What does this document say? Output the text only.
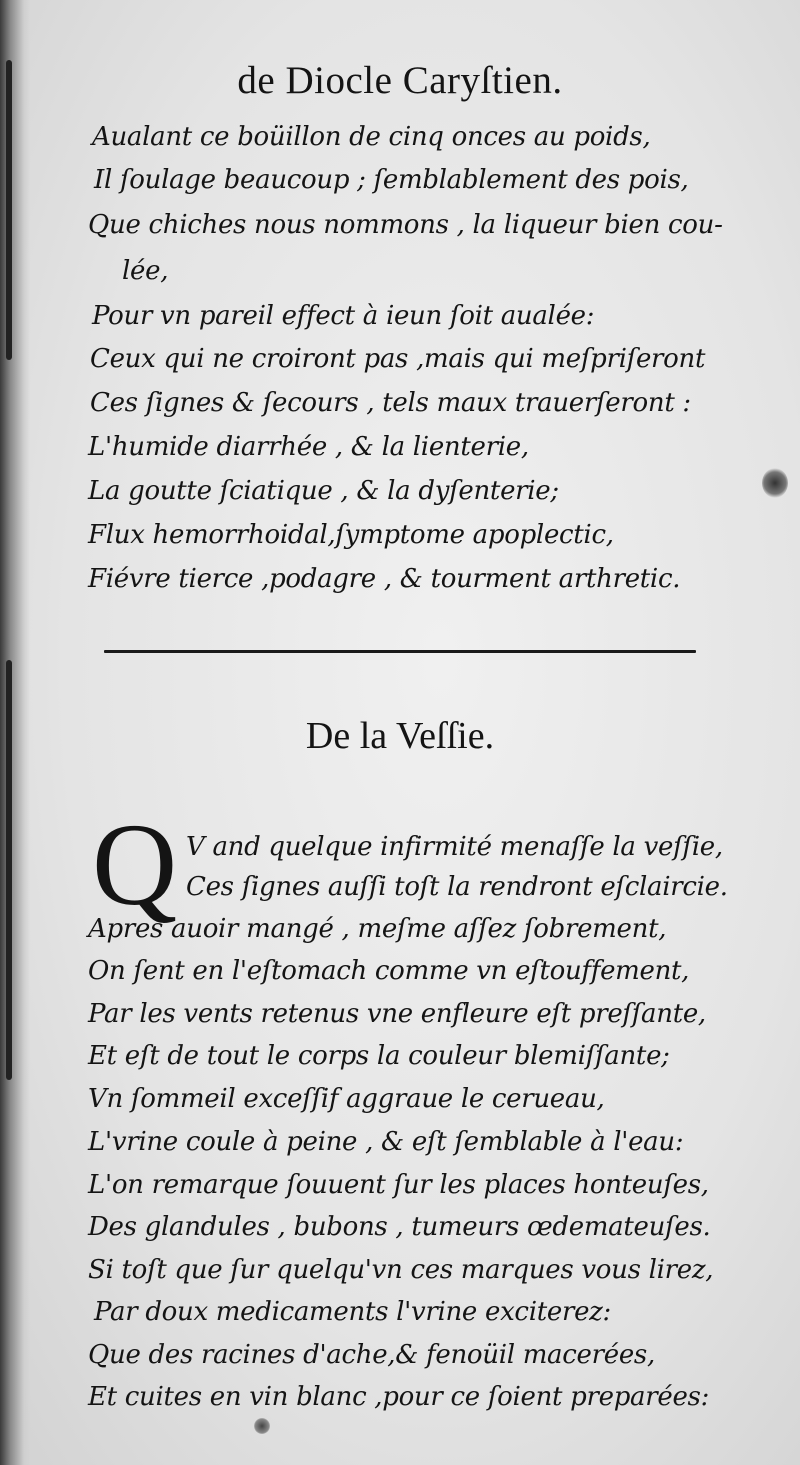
de Diocle Caryſtien.
Aualant ce boüillon de cinq onces au poids,
Il ſoulage beaucoup ; ſemblablement des pois,
Que chiches nous nommons , la liqueur bien cou-
lée,
Pour vn pareil effect à ieun ſoit aualée:
Ceux qui ne croiront pas ,mais qui meſpriſeront
Ces ſignes & ſecours , tels maux trauerſeront :
L'humide diarrhée , & la lienterie,
La goutte ſciatique , & la dyſenterie;
Flux hemorrhoidal,ſymptome apoplectic,
Fiévre tierce ,podagre , & tourment arthretic.
De la Veſſie.
Q V and quelque infirmité menaſſe la veſſie,
Ces ſignes auſſi toſt la rendront eſclaircie.
Apres auoir mangé , meſme aſſez ſobrement,
On ſent en l'eſtomach comme vn eſtouffement,
Par les vents retenus vne enfleure eſt preſſante,
Et eſt de tout le corps la couleur blemiſſante;
Vn ſommeil exceſſif aggraue le cerueau,
L'vrine coule à peine , & eſt ſemblable à l'eau:
L'on remarque ſouuent ſur les places honteuſes,
Des glandules , bubons , tumeurs œdemateuſes.
Si toſt que ſur quelqu'vn ces marques vous lirez,
Par doux medicaments l'vrine exciterez:
Que des racines d'ache,& fenoüil macerées,
Et cuites en vin blanc ,pour ce ſoient preparées:
